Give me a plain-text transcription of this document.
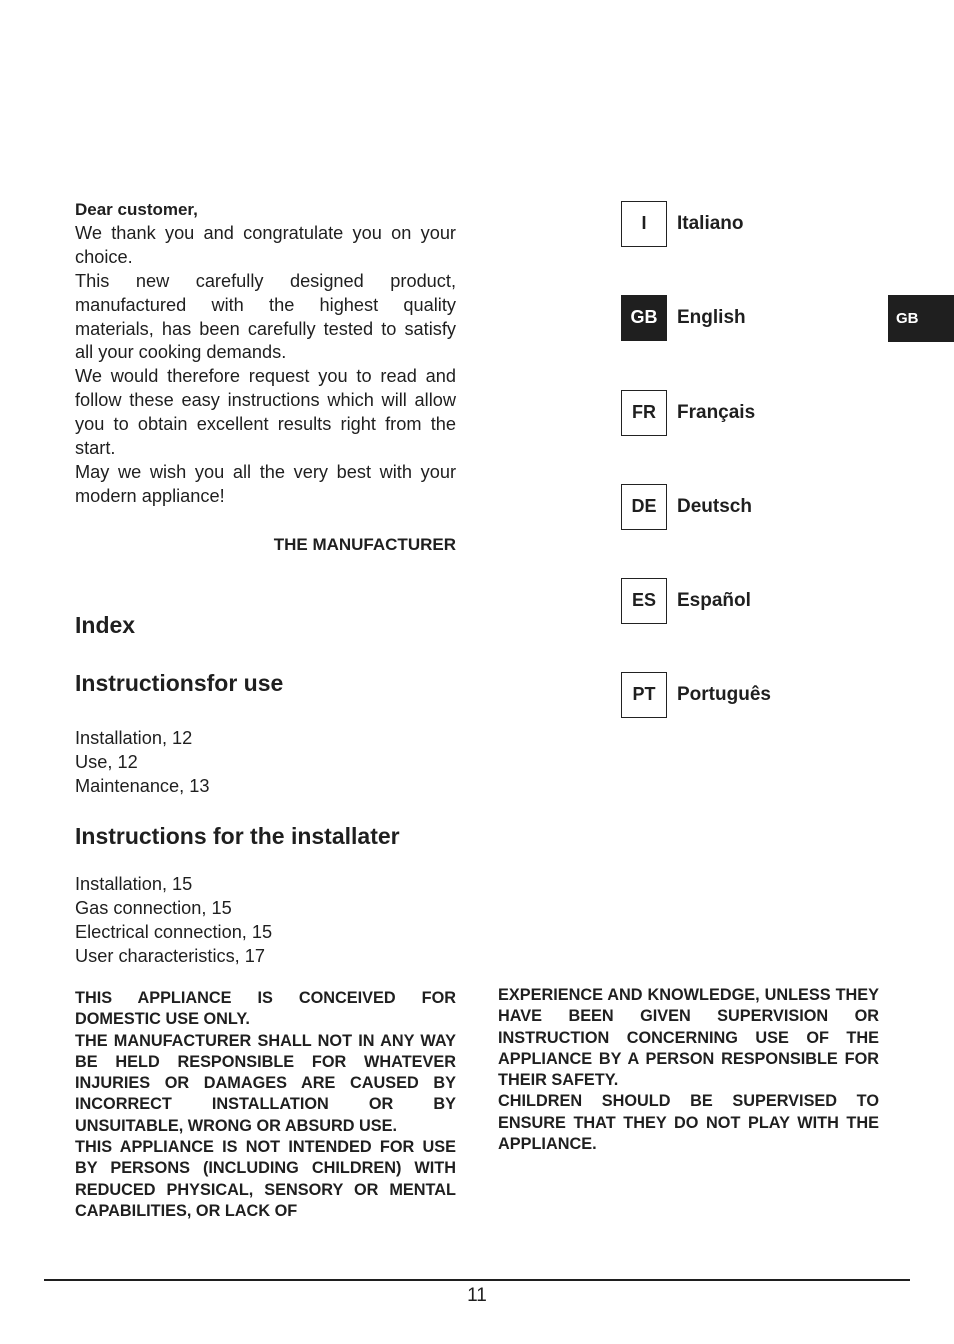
Dear customer,

We thank you and congratulate you on your choice.

This new carefully designed product, manufactured with the highest quality materials, has been carefully tested to satisfy all your cooking demands.

We would therefore request you to read and follow these easy instructions which will allow you to obtain excellent results right from the start.

May we wish you all the very best with your modern appliance!

THE MANUFACTURER

Index
Instructionsfor use
Installation, 12
Use, 12
Maintenance, 13
Instructions for the installater
Installation, 15
Gas connection, 15
Electrical connection, 15
User characteristics, 17

THIS APPLIANCE IS CONCEIVED FOR DOMESTIC USE ONLY.

THE MANUFACTURER SHALL NOT IN ANY WAY BE HELD RESPONSIBLE FOR WHATEVER INJURIES OR DAMAGES ARE CAUSED BY INCORRECT INSTALLATION OR BY UNSUITABLE, WRONG OR ABSURD USE.

THIS APPLIANCE IS NOT INTENDED FOR USE BY PERSONS (INCLUDING CHILDREN) WITH REDUCED PHYSICAL, SENSORY OR MENTAL CAPABILITIES, OR LACK OF

EXPERIENCE AND KNOWLEDGE, UNLESS THEY HAVE BEEN GIVEN SUPERVISION OR INSTRUCTION CONCERNING USE OF THE APPLIANCE BY A PERSON RESPONSIBLE FOR THEIR SAFETY.

CHILDREN SHOULD BE SUPERVISED TO ENSURE THAT THEY DO NOT PLAY WITH THE APPLIANCE.

I	Italiano
GB	English
FR	Français
DE	Deutsch
ES	Español
PT	Português
GB
11
